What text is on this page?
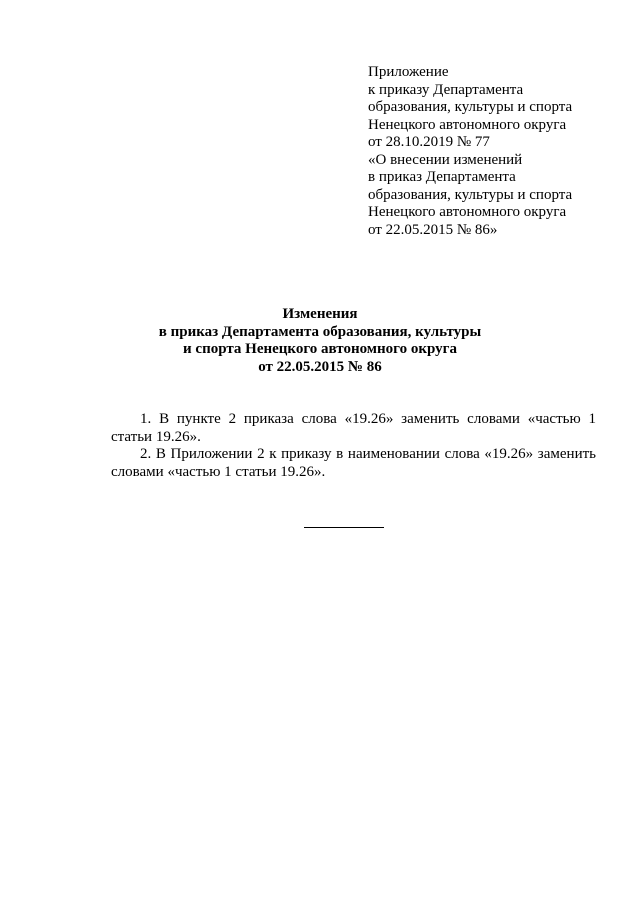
Приложение
к приказу Департамента
образования, культуры и спорта
Ненецкого автономного округа
от 28.10.2019 № 77
«О внесении изменений
в приказ Департамента
образования, культуры и спорта
Ненецкого автономного округа
от 22.05.2015 № 86»
Изменения
в приказ Департамента образования, культуры
и спорта Ненецкого автономного округа
от 22.05.2015 № 86

1. В пункте 2 приказа слова «19.26» заменить словами «частью 1 статьи 19.26».

2. В Приложении 2 к приказу в наименовании слова «19.26» заменить словами «частью 1 статьи 19.26».
